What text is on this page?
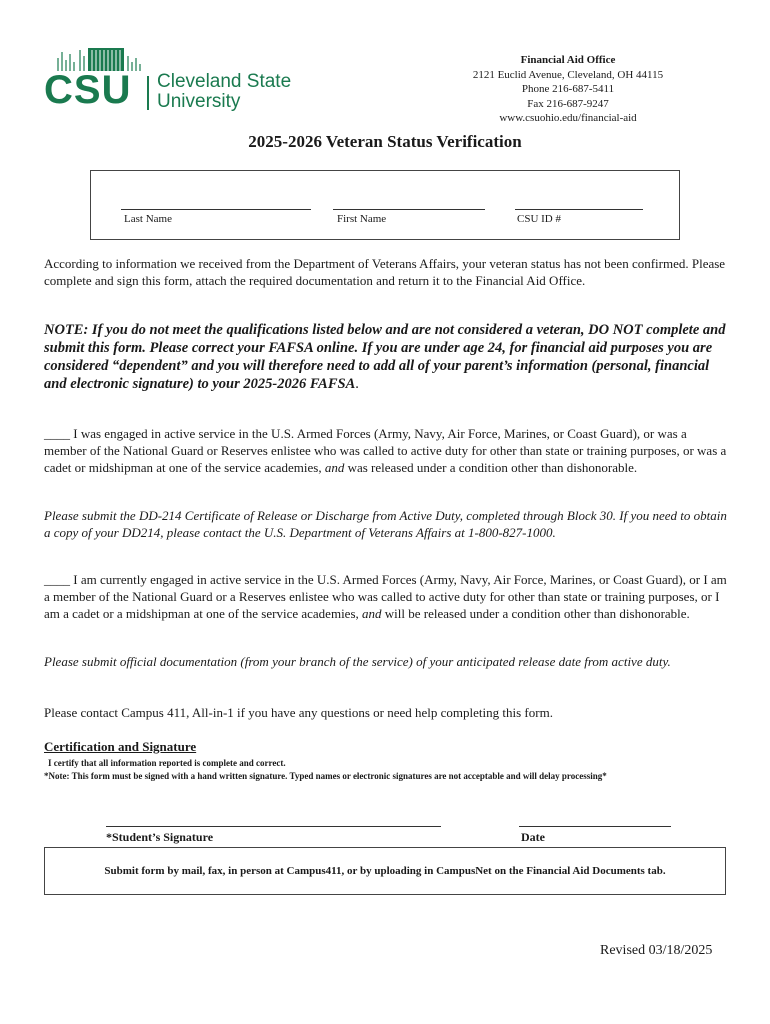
CSU Cleveland State
University
Financial Aid Office
2121 Euclid Avenue, Cleveland, OH 44115
Phone 216-687-5411
Fax 216-687-9247
www.csuohio.edu/financial-aid
2025-2026 Veteran Status Verification
Last Name	First Name	CSU ID #
According to information we received from the Department of Veterans Affairs, your veteran status has not been confirmed. Please complete and sign this form, attach the required documentation and return it to the Financial Aid Office.
NOTE: If you do not meet the qualifications listed below and are not considered a veteran, DO NOT complete and submit this form. Please correct your FAFSA online. If you are under age 24, for financial aid purposes you are considered “dependent” and you will therefore need to add all of your parent’s information (personal, financial and electronic signature) to your 2025-2026 FAFSA.
____ I was engaged in active service in the U.S. Armed Forces (Army, Navy, Air Force, Marines, or Coast Guard), or was a member of the National Guard or Reserves enlistee who was called to active duty for other than state or training purposes, or was a cadet or midshipman at one of the service academies, and was released under a condition other than dishonorable.
Please submit the DD-214 Certificate of Release or Discharge from Active Duty, completed through Block 30. If you need to obtain a copy of your DD214, please contact the U.S. Department of Veterans Affairs at 1-800-827-1000.
____ I am currently engaged in active service in the U.S. Armed Forces (Army, Navy, Air Force, Marines, or Coast Guard), or I am a member of the National Guard or a Reserves enlistee who was called to active duty for other than state or training purposes, or I am a cadet or a midshipman at one of the service academies, and will be released under a condition other than dishonorable.
Please submit official documentation (from your branch of the service) of your anticipated release date from active duty.
Please contact Campus 411, All-in-1 if you have any questions or need help completing this form.
Certification and Signature
I certify that all information reported is complete and correct.
*Note: This form must be signed with a hand written signature. Typed names or electronic signatures are not acceptable and will delay processing*
*Student’s Signature	Date
Submit form by mail, fax, in person at Campus411, or by uploading in CampusNet on the Financial Aid Documents tab.
Revised 03/18/2025
